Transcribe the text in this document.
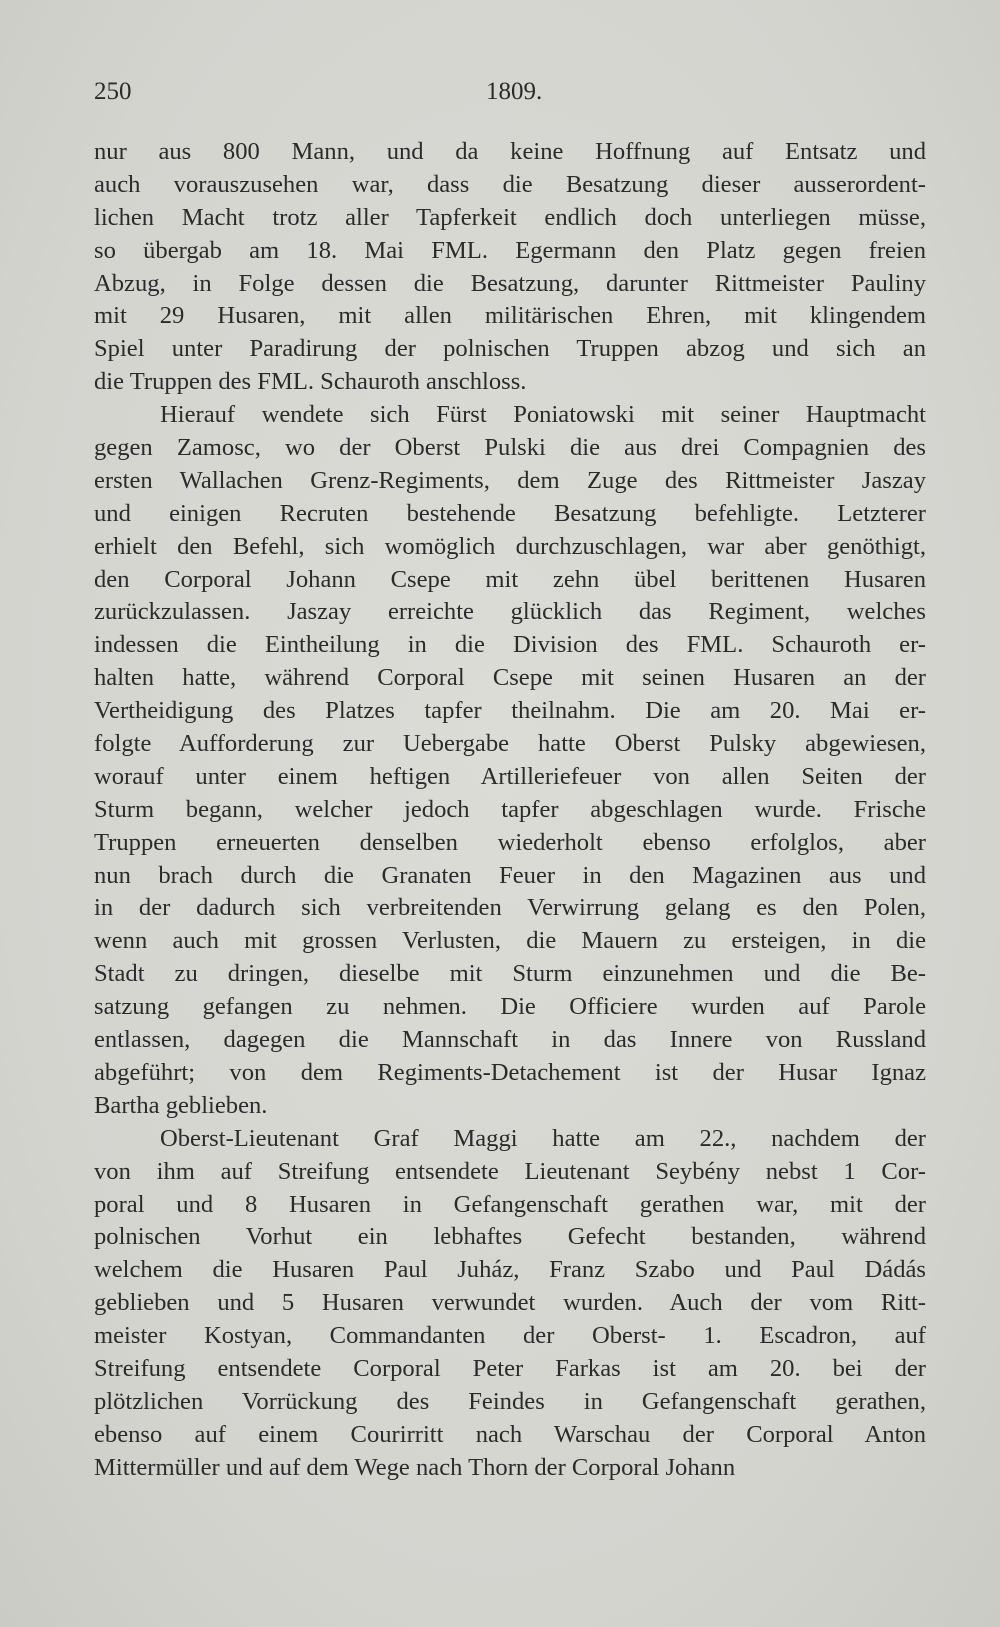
250	1809.
nur aus 800 Mann, und da keine Hoffnung auf Entsatz und
auch vorauszusehen war, dass die Besatzung dieser ausserordent-
lichen Macht trotz aller Tapferkeit endlich doch unterliegen müsse,
so übergab am 18. Mai FML. Egermann den Platz gegen freien
Abzug, in Folge dessen die Besatzung, darunter Rittmeister Pauliny
mit 29 Husaren, mit allen militärischen Ehren, mit klingendem
Spiel unter Paradirung der polnischen Truppen abzog und sich an
die Truppen des FML. Schauroth anschloss.
Hierauf wendete sich Fürst Poniatowski mit seiner Hauptmacht
gegen Zamosc, wo der Oberst Pulski die aus drei Compagnien des
ersten Wallachen Grenz-Regiments, dem Zuge des Rittmeister Jaszay
und einigen Recruten bestehende Besatzung befehligte. Letzterer
erhielt den Befehl, sich womöglich durchzuschlagen, war aber genöthigt,
den Corporal Johann Csepe mit zehn übel berittenen Husaren
zurückzulassen. Jaszay erreichte glücklich das Regiment, welches
indessen die Eintheilung in die Division des FML. Schauroth er-
halten hatte, während Corporal Csepe mit seinen Husaren an der
Vertheidigung des Platzes tapfer theilnahm. Die am 20. Mai er-
folgte Aufforderung zur Uebergabe hatte Oberst Pulsky abgewiesen,
worauf unter einem heftigen Artilleriefeuer von allen Seiten der
Sturm begann, welcher jedoch tapfer abgeschlagen wurde. Frische
Truppen erneuerten denselben wiederholt ebenso erfolglos, aber
nun brach durch die Granaten Feuer in den Magazinen aus und
in der dadurch sich verbreitenden Verwirrung gelang es den Polen,
wenn auch mit grossen Verlusten, die Mauern zu ersteigen, in die
Stadt zu dringen, dieselbe mit Sturm einzunehmen und die Be-
satzung gefangen zu nehmen. Die Officiere wurden auf Parole
entlassen, dagegen die Mannschaft in das Innere von Russland
abgeführt; von dem Regiments-Detachement ist der Husar Ignaz
Bartha geblieben.
Oberst-Lieutenant Graf Maggi hatte am 22., nachdem der
von ihm auf Streifung entsendete Lieutenant Seybény nebst 1 Cor-
poral und 8 Husaren in Gefangenschaft gerathen war, mit der
polnischen Vorhut ein lebhaftes Gefecht bestanden, während
welchem die Husaren Paul Juház, Franz Szabo und Paul Dádás
geblieben und 5 Husaren verwundet wurden. Auch der vom Ritt-
meister Kostyan, Commandanten der Oberst- 1. Escadron, auf
Streifung entsendete Corporal Peter Farkas ist am 20. bei der
plötzlichen Vorrückung des Feindes in Gefangenschaft gerathen,
ebenso auf einem Courirritt nach Warschau der Corporal Anton
Mittermüller und auf dem Wege nach Thorn der Corporal Johann
